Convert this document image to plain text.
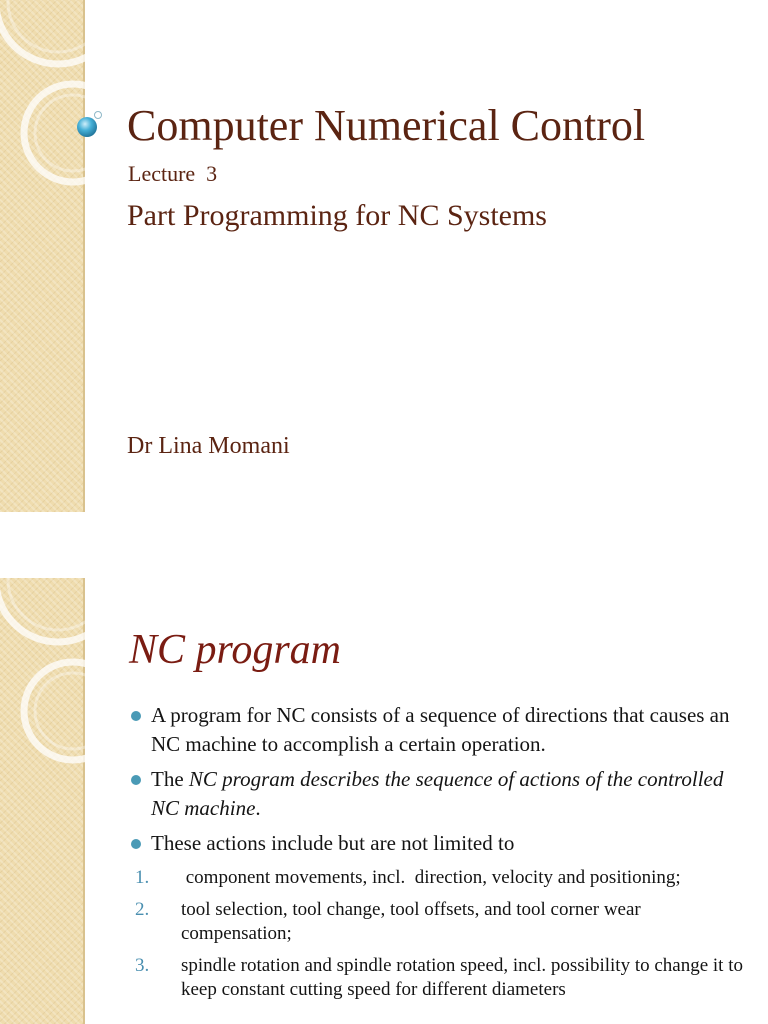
Computer Numerical Control
Lecture  3
Part Programming for NC Systems
Dr Lina Momani
NC program
A program for NC consists of a sequence of directions that causes an NC machine to accomplish a certain operation.
The NC program describes the sequence of actions of the controlled NC machine.
These actions include but are not limited to
1. component movements, incl.  direction, velocity and positioning;
2. tool selection, tool change, tool offsets, and tool corner wear compensation;
3. spindle rotation and spindle rotation speed, incl. possibility to change it to keep constant cutting speed for different diameters
